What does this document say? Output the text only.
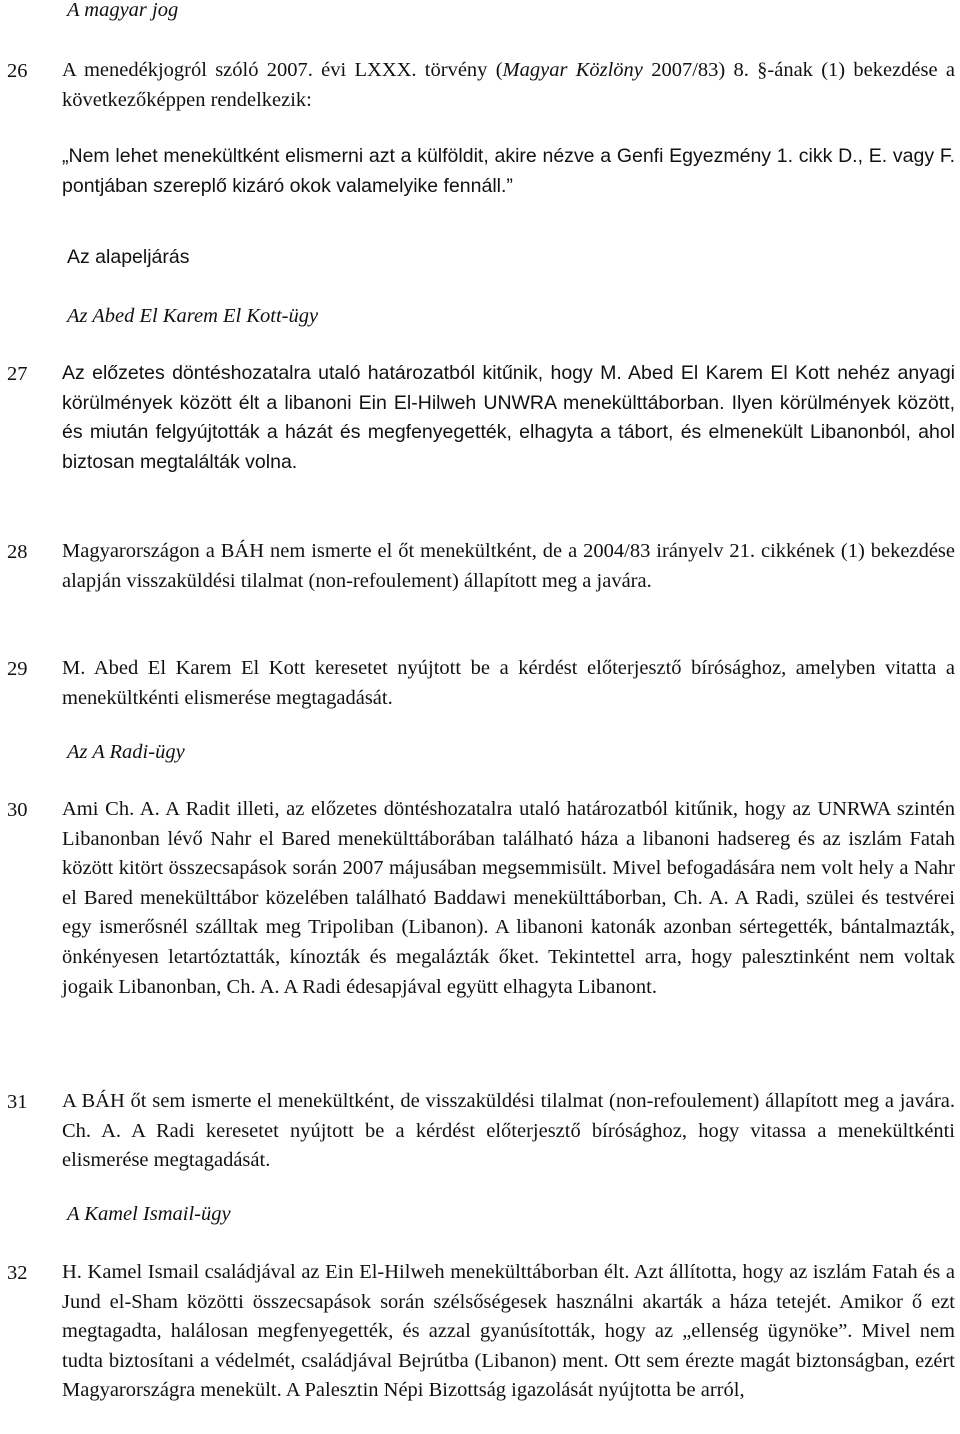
A magyar jog
26 A menedékjogról szóló 2007. évi LXXX. törvény (Magyar Közlöny 2007/83) 8. §-ának (1) bekezdése a következőképpen rendelkezik:
„Nem lehet menekültként elismerni azt a külföldit, akire nézve a Genfi Egyezmény 1. cikk D., E. vagy F. pontjában szereplő kizáró okok valamelyike fennáll.”
Az alapeljárás
Az Abed El Karem El Kott-ügy
27 Az előzetes döntéshozatalra utaló határozatból kitűnik, hogy M. Abed El Karem El Kott nehéz anyagi körülmények között élt a libanoni Ein El-Hilweh UNWRA menekülttáborban. Ilyen körülmények között, és miután felgyújtották a házát és megfenyegették, elhagyta a tábort, és elmenekült Libanonból, ahol biztosan megtalálták volna.
28 Magyarországon a BÁH nem ismerte el őt menekültként, de a 2004/83 irányelv 21. cikkének (1) bekezdése alapján visszaküldési tilalmat (non-refoulement) állapított meg a javára.
29 M. Abed El Karem El Kott keresetet nyújtott be a kérdést előterjesztő bírósághoz, amelyben vitatta a menekültkénti elismerése megtagadását.
Az A Radi-ügy
30 Ami Ch. A. A Radit illeti, az előzetes döntéshozatalra utaló határozatból kitűnik, hogy az UNRWA szintén Libanonban lévő Nahr el Bared menekülttáborában található háza a libanoni hadsereg és az iszlám Fatah között kitört összecsapások során 2007 májusában megsemmisült. Mivel befogadására nem volt hely a Nahr el Bared menekülttábor közelében található Baddawi menekülttáborban, Ch. A. A Radi, szülei és testvérei egy ismerősnél szálltak meg Tripoliban (Libanon). A libanoni katonák azonban sértegették, bántalmazták, önkényesen letartóztatták, kínozták és megalázták őket. Tekintettel arra, hogy palesztinként nem voltak jogaik Libanonban, Ch. A. A Radi édesapjával együtt elhagyta Libanont.
31 A BÁH őt sem ismerte el menekültként, de visszaküldési tilalmat (non-refoulement) állapított meg a javára. Ch. A. A Radi keresetet nyújtott be a kérdést előterjesztő bírósághoz, hogy vitassa a menekültkénti elismerése megtagadását.
A Kamel Ismail-ügy
32 H. Kamel Ismail családjával az Ein El-Hilweh menekülttáborban élt. Azt állította, hogy az iszlám Fatah és a Jund el-Sham közötti összecsapások során szélsőségesek használni akarták a háza tetejét. Amikor ő ezt megtagadta, halálosan megfenyegették, és azzal gyanúsították, hogy az „ellenség ügynöke”. Mivel nem tudta biztosítani a védelmét, családjával Bejrútba (Libanon) ment. Ott sem érezte magát biztonságban, ezért Magyarországra menekült. A Palesztin Népi Bizottság igazolását nyújtotta be arról,
